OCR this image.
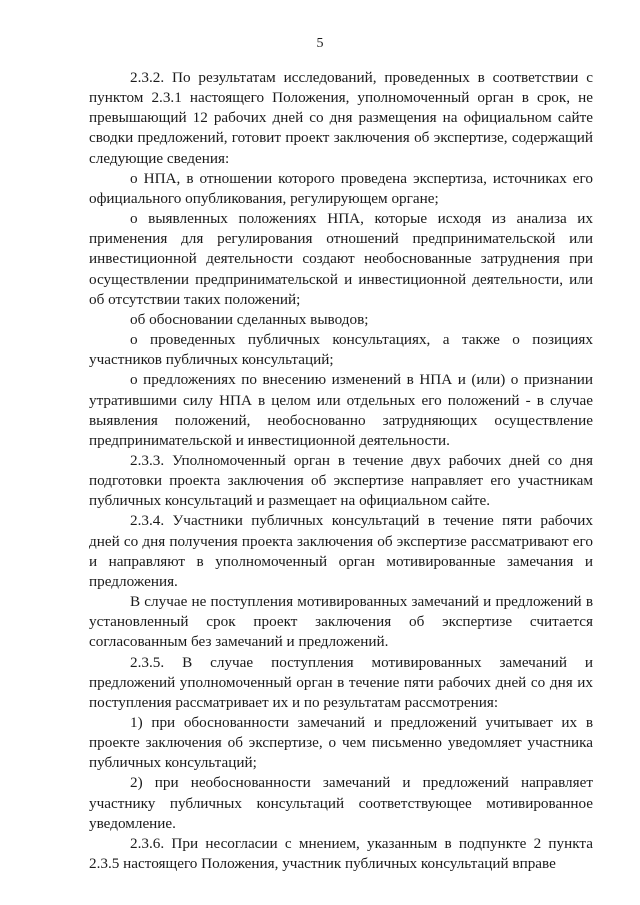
5

2.3.2. По результатам исследований, проведенных в соответствии с пунктом 2.3.1 настоящего Положения, уполномоченный орган в срок, не превышающий 12 рабочих дней со дня размещения на официальном сайте сводки предложений, готовит проект заключения об экспертизе, содержащий следующие сведения:

о НПА, в отношении которого проведена экспертиза, источниках его официального опубликования, регулирующем органе;

о выявленных положениях НПА, которые исходя из анализа их применения для регулирования отношений предпринимательской или инвестиционной деятельности создают необоснованные затруднения при осуществлении предпринимательской и инвестиционной деятельности, или об отсутствии таких положений;

об обосновании сделанных выводов;

о проведенных публичных консультациях, а также о позициях участников публичных консультаций;

о предложениях по внесению изменений в НПА и (или) о признании утратившими силу НПА в целом или отдельных его положений - в случае выявления положений, необоснованно затрудняющих осуществление предпринимательской и инвестиционной деятельности.

2.3.3. Уполномоченный орган в течение двух рабочих дней со дня подготовки проекта заключения об экспертизе направляет его участникам публичных консультаций и размещает на официальном сайте.

2.3.4. Участники публичных консультаций в течение пяти рабочих дней со дня получения проекта заключения об экспертизе рассматривают его и направляют в уполномоченный орган мотивированные замечания и предложения.

В случае не поступления мотивированных замечаний и предложений в установленный срок проект заключения об экспертизе считается согласованным без замечаний и предложений.

2.3.5. В случае поступления мотивированных замечаний и предложений уполномоченный орган в течение пяти рабочих дней со дня их поступления рассматривает их и по результатам рассмотрения:

1) при обоснованности замечаний и предложений учитывает их в проекте заключения об экспертизе, о чем письменно уведомляет участника публичных консультаций;

2) при необоснованности замечаний и предложений направляет участнику публичных консультаций соответствующее мотивированное уведомление.

2.3.6. При несогласии с мнением, указанным в подпункте 2 пункта 2.3.5 настоящего Положения, участник публичных консультаций вправе
